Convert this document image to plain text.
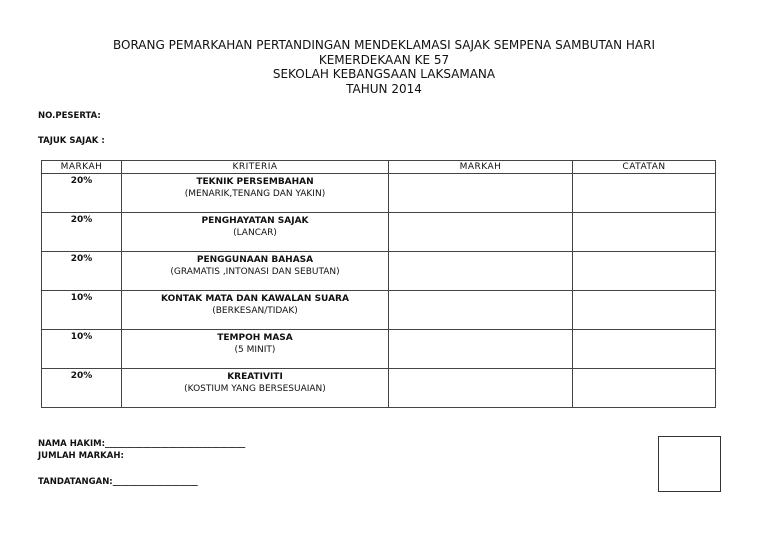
BORANG PEMARKAHAN PERTANDINGAN MENDEKLAMASI SAJAK SEMPENA SAMBUTAN HARI
KEMERDEKAAN KE 57
SEKOLAH KEBANGSAAN LAKSAMANA
TAHUN 2014
NO.PESERTA:
TAJUK SAJAK :
MARKAH	KRITERIA	MARKAH	CATATAN
20%	TEKNIK PERSEMBAHAN
(MENARIK,TENANG DAN YAKIN)		

20%	PENGHAYATAN SAJAK
(LANCAR)		

20%	PENGGUNAAN BAHASA
(GRAMATIS ,INTONASI DAN SEBUTAN)		

10%	KONTAK MATA DAN KAWALAN SUARA
(BERKESAN/TIDAK)		

10%	TEMPOH MASA
(5 MINIT)		

20%	KREATIVITI
(KOSTIUM YANG BERSESUAIAN)		

NAMA HAKIM:_________________________________
JUMLAH MARKAH:
TANDATANGAN:____________________
